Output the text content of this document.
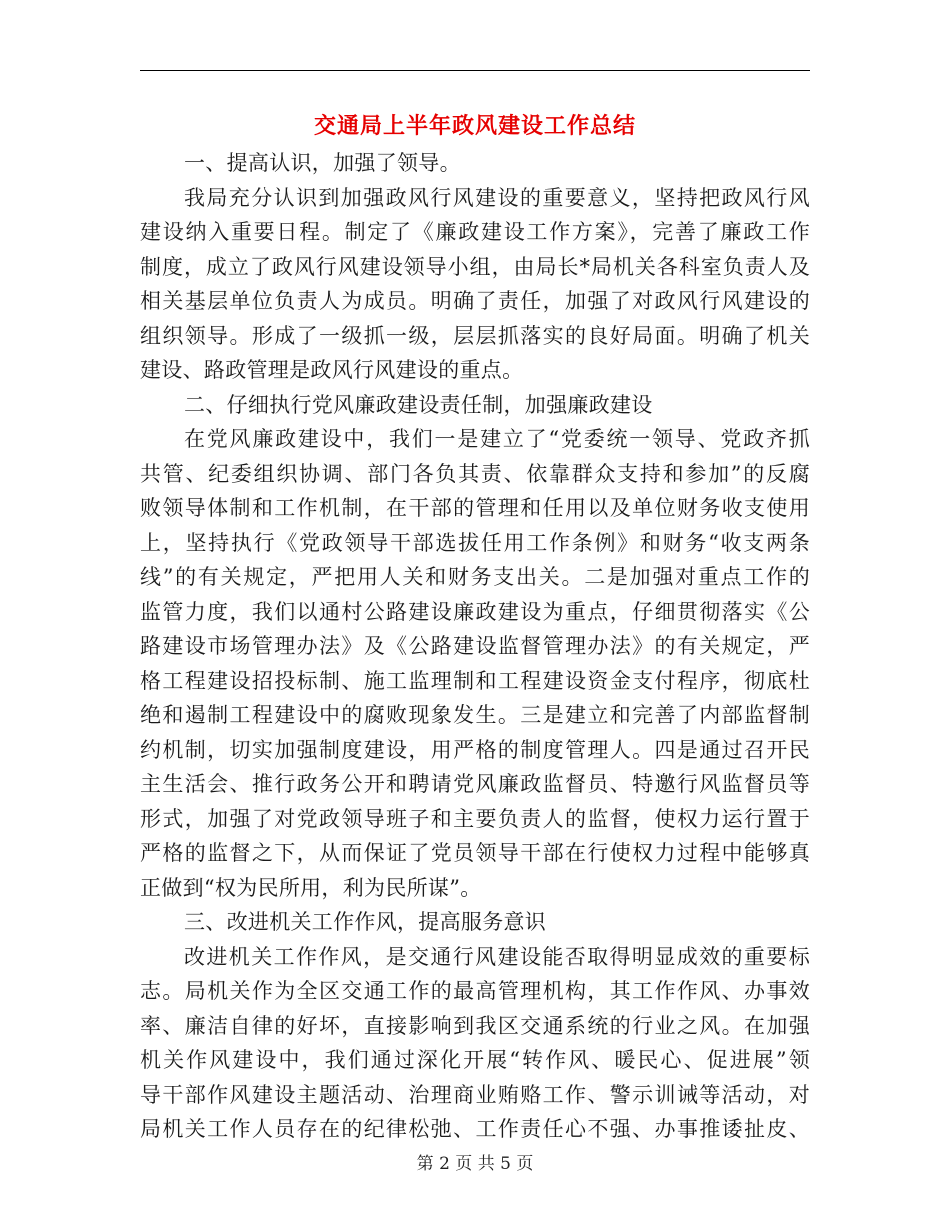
交通局上半年政风建设工作总结
一、提高认识，加强了领导。
我局充分认识到加强政风行风建设的重要意义，坚持把政风行风
建设纳入重要日程。制定了《廉政建设工作方案》，完善了廉政工作
制度，成立了政风行风建设领导小组，由局长*局机关各科室负责人及
相关基层单位负责人为成员。明确了责任，加强了对政风行风建设的
组织领导。形成了一级抓一级，层层抓落实的良好局面。明确了机关
建设、路政管理是政风行风建设的重点。
二、仔细执行党风廉政建设责任制，加强廉政建设
在党风廉政建设中，我们一是建立了“党委统一领导、党政齐抓
共管、纪委组织协调、部门各负其责、依靠群众支持和参加”的反腐
败领导体制和工作机制，在干部的管理和任用以及单位财务收支使用
上，坚持执行《党政领导干部选拔任用工作条例》和财务“收支两条
线”的有关规定，严把用人关和财务支出关。二是加强对重点工作的
监管力度，我们以通村公路建设廉政建设为重点，仔细贯彻落实《公
路建设市场管理办法》及《公路建设监督管理办法》的有关规定，严
格工程建设招投标制、施工监理制和工程建设资金支付程序，彻底杜
绝和遏制工程建设中的腐败现象发生。三是建立和完善了内部监督制
约机制，切实加强制度建设，用严格的制度管理人。四是通过召开民
主生活会、推行政务公开和聘请党风廉政监督员、特邀行风监督员等
形式，加强了对党政领导班子和主要负责人的监督，使权力运行置于
严格的监督之下，从而保证了党员领导干部在行使权力过程中能够真
正做到“权为民所用，利为民所谋”。
三、改进机关工作作风，提高服务意识
改进机关工作作风，是交通行风建设能否取得明显成效的重要标
志。局机关作为全区交通工作的最高管理机构，其工作作风、办事效
率、廉洁自律的好坏，直接影响到我区交通系统的行业之风。在加强
机关作风建设中，我们通过深化开展“转作风、暖民心、促进展”领
导干部作风建设主题活动、治理商业贿赂工作、警示训诫等活动，对
局机关工作人员存在的纪律松弛、工作责任心不强、办事推诿扯皮、
第 2 页 共 5 页
